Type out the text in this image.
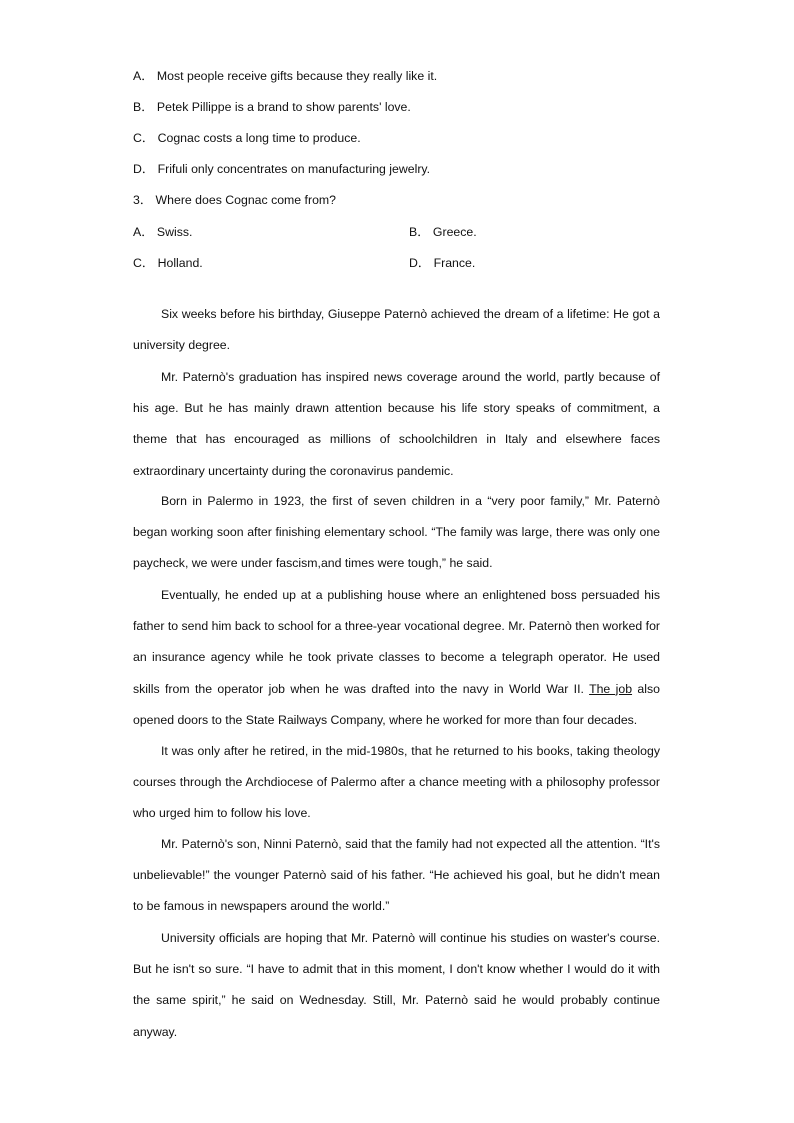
A． Most people receive gifts because they really like it.
B． Petek Pillippe is a brand to show parents' love.
C． Cognac costs a long time to produce.
D． Frifuli only concentrates on manufacturing jewelry.
3． Where does Cognac come from?
A． Swiss.	B． Greece.
C． Holland.	D． France.

Six weeks before his birthday, Giuseppe Paternò achieved the dream of a lifetime: He got a university degree.

Mr. Paternò's graduation has inspired news coverage around the world, partly because of his age. But he has mainly drawn attention because his life story speaks of commitment, a theme that has encouraged as millions of schoolchildren in Italy and elsewhere faces extraordinary uncertainty during the coronavirus pandemic.

Born in Palermo in 1923, the first of seven children in a “very poor family,” Mr. Paternò began working soon after finishing elementary school. “The family was large, there was only one paycheck, we were under fascism,and times were tough,” he said.

Eventually, he ended up at a publishing house where an enlightened boss persuaded his father to send him back to school for a three-year vocational degree. Mr. Paternò then worked for an insurance agency while he took private classes to become a telegraph operator. He used skills from the operator job when he was drafted into the navy in World War II. The job also opened doors to the State Railways Company, where he worked for more than four decades.

It was only after he retired, in the mid-1980s, that he returned to his books, taking theology courses through the Archdiocese of Palermo after a chance meeting with a philosophy professor who urged him to follow his love.

Mr. Paternò's son, Ninni Paternò, said that the family had not expected all the attention. “It's unbelievable!” the vounger Paternò said of his father. “He achieved his goal, but he didn't mean to be famous in newspapers around the world.”

University officials are hoping that Mr. Paternò will continue his studies on waster's course. But he isn't so sure. “I have to admit that in this moment, I don't know whether I would do it with the same spirit,” he said on Wednesday. Still, Mr. Paternò said he would probably continue anyway.
